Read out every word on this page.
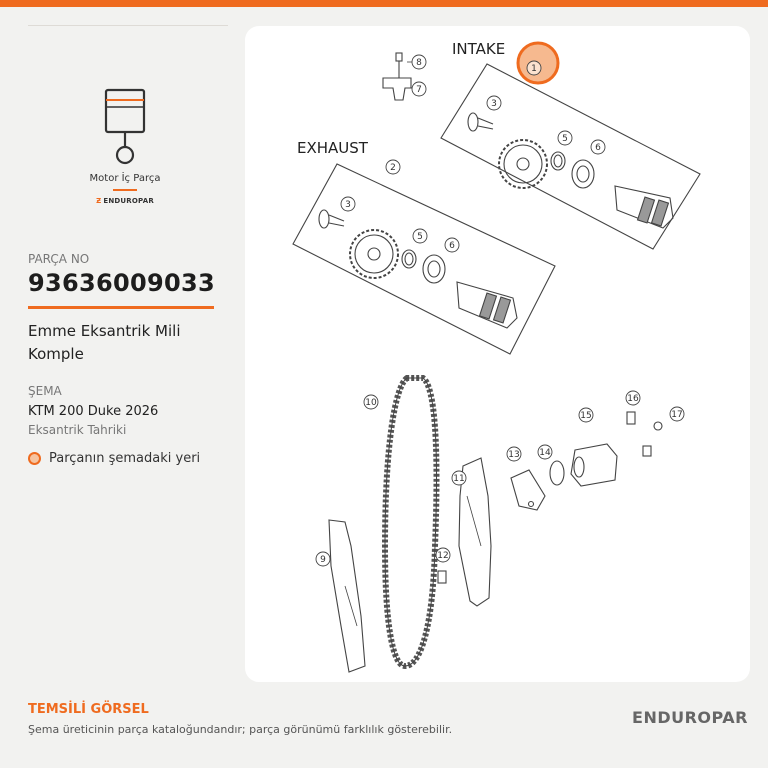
Motor İç Parça
Ƶ ENDUROPAR
PARÇA NO
93636009033
Emme Eksantrik Mili Komple
ŞEMA
KTM 200 Duke 2026
Eksantrik Tahriki
Parçanın şemadaki yeri
8
7
3
5
6
2
3
5
6
10
11
13 14
15
16
17
12
9
1
INTAKE
EXHAUST
TEMSİLİ GÖRSEL
Şema üreticinin parça kataloğundandır; parça görünümü farklılık gösterebilir.
ENDUROPAR
